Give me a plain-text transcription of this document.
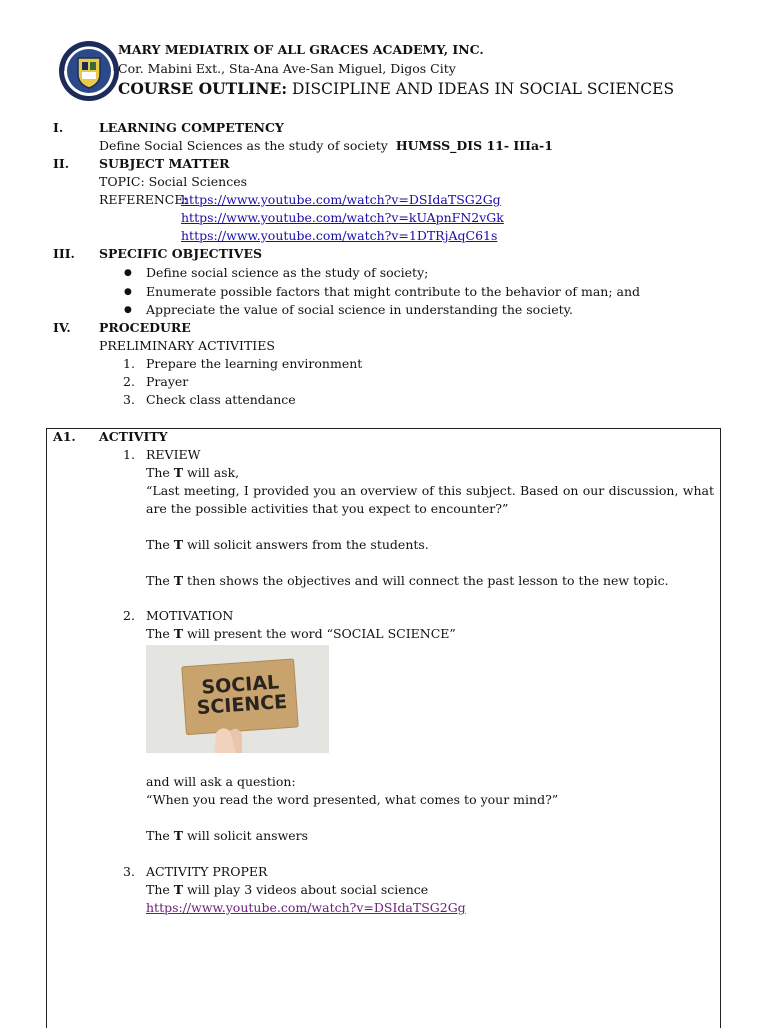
MARY MEDIATRIX OF ALL GRACES ACADEMY, INC.
Cor. Mabini Ext., Sta-Ana Ave-San Miguel, Digos City
COURSE OUTLINE: DISCIPLINE AND IDEAS IN SOCIAL SCIENCES
I.	LEARNING COMPETENCY
Define Social Sciences as the study of society HUMSS_DIS 11- IIIa-1
II. SUBJECT MATTER
TOPIC: Social Sciences
REFERENCE:
https://www.youtube.com/watch?v=DSIdaTSG2Gg
https://www.youtube.com/watch?v=kUApnFN2vGk
https://www.youtube.com/watch?v=1DTRjAqC61s
III. SPECIFIC OBJECTIVES
● Define social science as the study of society;
● Enumerate possible factors that might contribute to the behavior of man; and
● Appreciate the value of social science in understanding the society.
IV. PROCEDURE
PRELIMINARY ACTIVITIES
1. Prepare the learning environment
2. Prayer
3. Check class attendance
A1. ACTIVITY
1. REVIEW
The T will ask,
“Last meeting, I provided you an overview of this subject. Based on our discussion, what are the possible activities that you expect to encounter?”
The T will solicit answers from the students.
The T then shows the objectives and will connect the past lesson to the new topic.
2. MOTIVATION
The T will present the word “SOCIAL SCIENCE”
SOCIAL
SCIENCE
and will ask a question:
“When you read the word presented, what comes to your mind?”
The T will solicit answers
3. ACTIVITY PROPER
The T will play 3 videos about social science
https://www.youtube.com/watch?v=DSIdaTSG2Gg
